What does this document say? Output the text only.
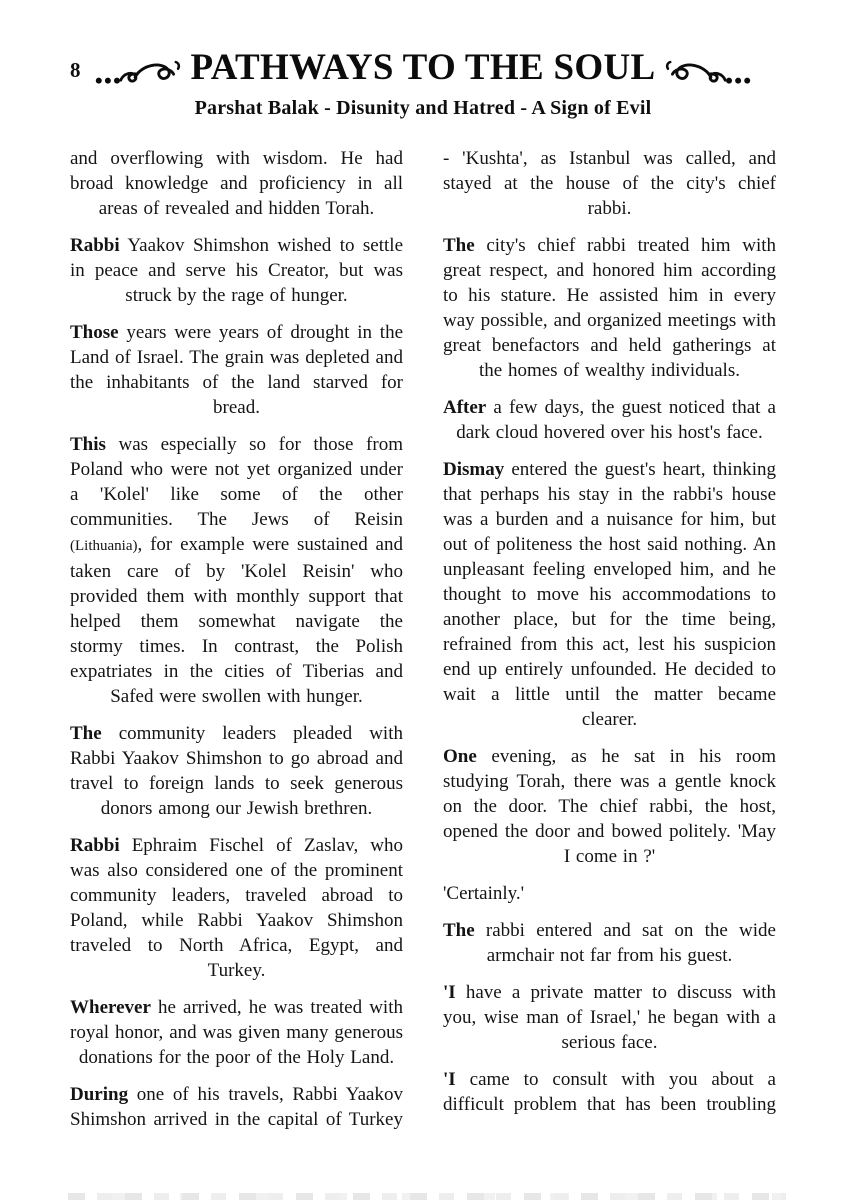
8	PATHWAYS TO THE SOUL
Parshat Balak - Disunity and Hatred - A Sign of Evil

and overflowing with wisdom. He had broad knowledge and proficiency in all areas of revealed and hidden Torah.

Rabbi Yaakov Shimshon wished to settle in peace and serve his Creator, but was struck by the rage of hunger.

Those years were years of drought in the Land of Israel. The grain was depleted and the inhabitants of the land starved for bread.

This was especially so for those from Poland who were not yet organized under a 'Kolel' like some of the other communities. The Jews of Reisin (Lithuania), for example were sustained and taken care of by 'Kolel Reisin' who provided them with monthly support that helped them somewhat navigate the stormy times. In contrast, the Polish expatriates in the cities of Tiberias and Safed were swollen with hunger.

The community leaders pleaded with Rabbi Yaakov Shimshon to go abroad and travel to foreign lands to seek generous donors among our Jewish brethren.

Rabbi Ephraim Fischel of Zaslav, who was also considered one of the prominent community leaders, traveled abroad to Poland, while Rabbi Yaakov Shimshon traveled to North Africa, Egypt, and Turkey.

Wherever he arrived, he was treated with royal honor, and was given many generous donations for the poor of the Holy Land.

During one of his travels, Rabbi Yaakov Shimshon arrived in the capital of Turkey

- 'Kushta', as Istanbul was called, and stayed at the house of the city's chief rabbi.

The city's chief rabbi treated him with great respect, and honored him according to his stature. He assisted him in every way possible, and organized meetings with great benefactors and held gatherings at the homes of wealthy individuals.

After a few days, the guest noticed that a dark cloud hovered over his host's face.

Dismay entered the guest's heart, thinking that perhaps his stay in the rabbi's house was a burden and a nuisance for him, but out of politeness the host said nothing. An unpleasant feeling enveloped him, and he thought to move his accommodations to another place, but for the time being, refrained from this act, lest his suspicion end up entirely unfounded. He decided to wait a little until the matter became clearer.

One evening, as he sat in his room studying Torah, there was a gentle knock on the door. The chief rabbi, the host, opened the door and bowed politely. 'May I come in ?'

'Certainly.'

The rabbi entered and sat on the wide armchair not far from his guest.

'I have a private matter to discuss with you, wise man of Israel,' he began with a serious face.

'I came to consult with you about a difficult problem that has been troubling
